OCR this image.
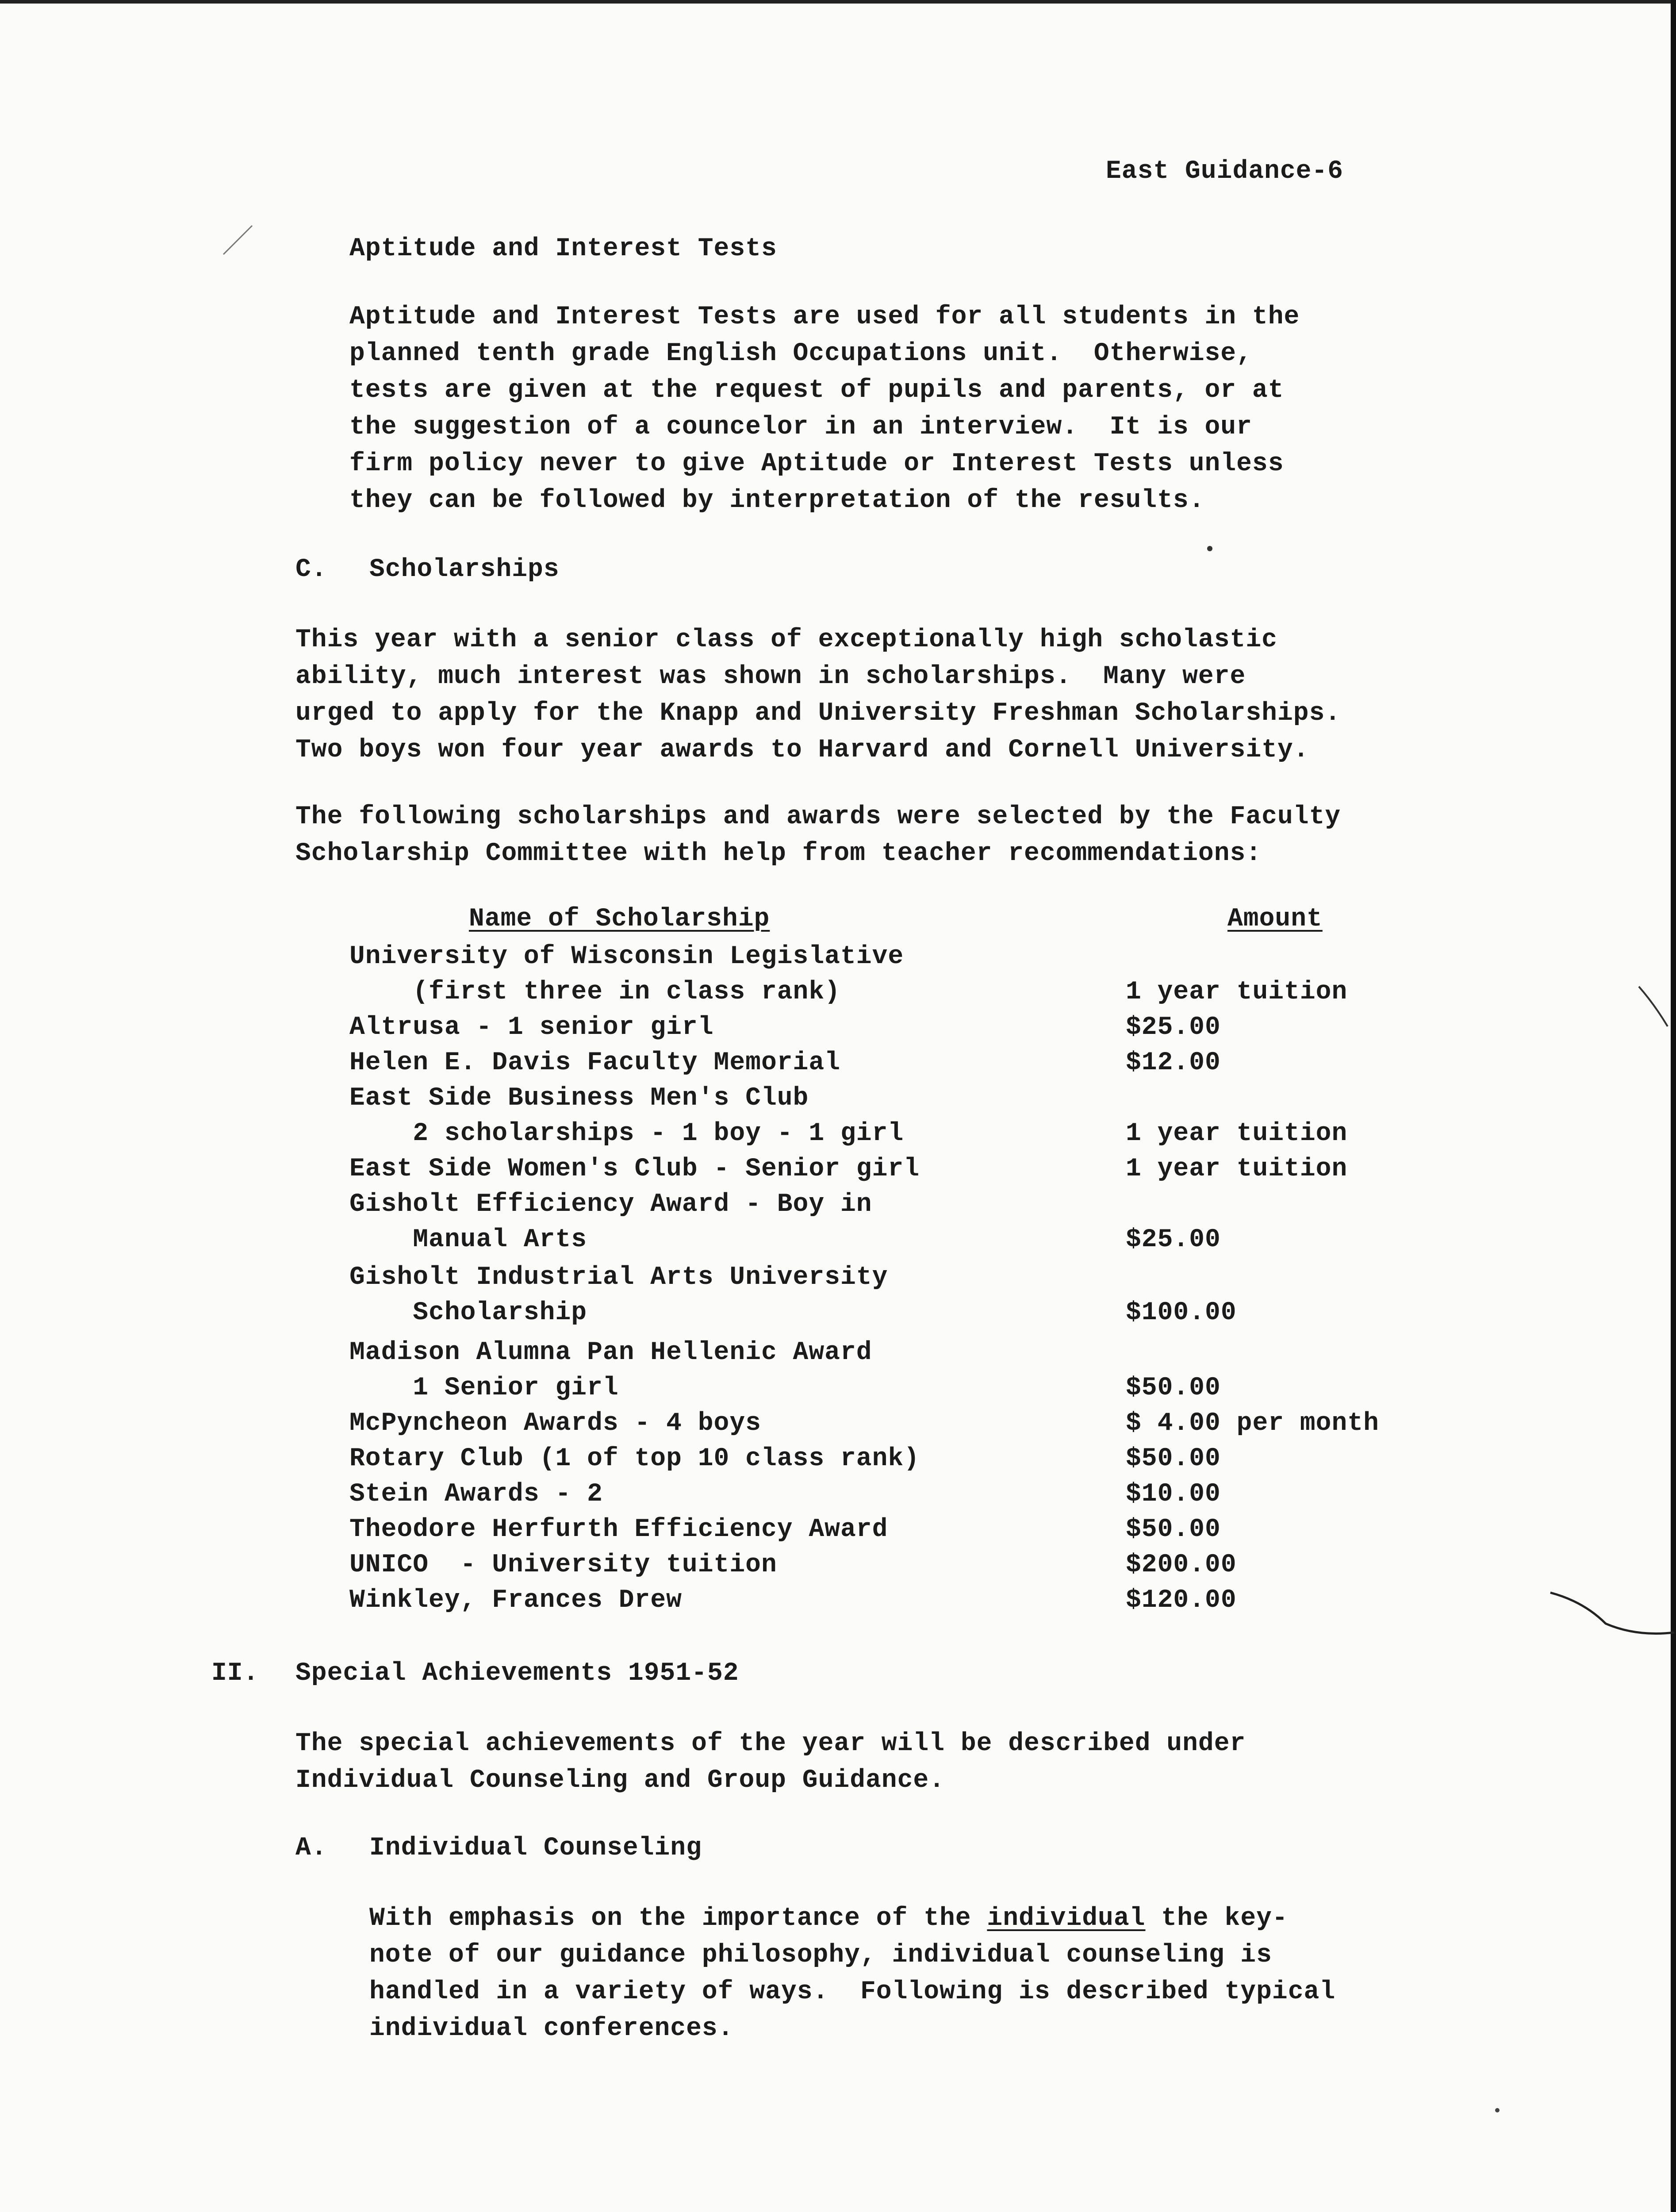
East Guidance-6
Aptitude and Interest Tests
Aptitude and Interest Tests are used for all students in the
planned tenth grade English Occupations unit.  Otherwise,
tests are given at the request of pupils and parents, or at
the suggestion of a councelor in an interview.  It is our
firm policy never to give Aptitude or Interest Tests unless
they can be followed by interpretation of the results.
C. Scholarships
This year with a senior class of exceptionally high scholastic
ability, much interest was shown in scholarships.  Many were
urged to apply for the Knapp and University Freshman Scholarships.
Two boys won four year awards to Harvard and Cornell University.
The following scholarships and awards were selected by the Faculty
Scholarship Committee with help from teacher recommendations:
Name of Scholarship	Amount
University of Wisconsin Legislative
(first three in class rank)	1 year tuition
Altrusa - 1 senior girl	$25.00
Helen E. Davis Faculty Memorial	$12.00
East Side Business Men's Club
2 scholarships - 1 boy - 1 girl	1 year tuition
East Side Women's Club - Senior girl	1 year tuition
Gisholt Efficiency Award - Boy in
Manual Arts	$25.00
Gisholt Industrial Arts University
Scholarship	$100.00
Madison Alumna Pan Hellenic Award
1 Senior girl	$50.00
McPyncheon Awards - 4 boys	$ 4.00 per month
Rotary Club (1 of top 10 class rank)	$50.00
Stein Awards - 2	$10.00
Theodore Herfurth Efficiency Award	$50.00
UNICO  - University tuition	$200.00
Winkley, Frances Drew	$120.00
II. Special Achievements 1951-52
The special achievements of the year will be described under
Individual Counseling and Group Guidance.
A. Individual Counseling
With emphasis on the importance of the individual the key-
note of our guidance philosophy, individual counseling is
handled in a variety of ways.  Following is described typical
individual conferences.
